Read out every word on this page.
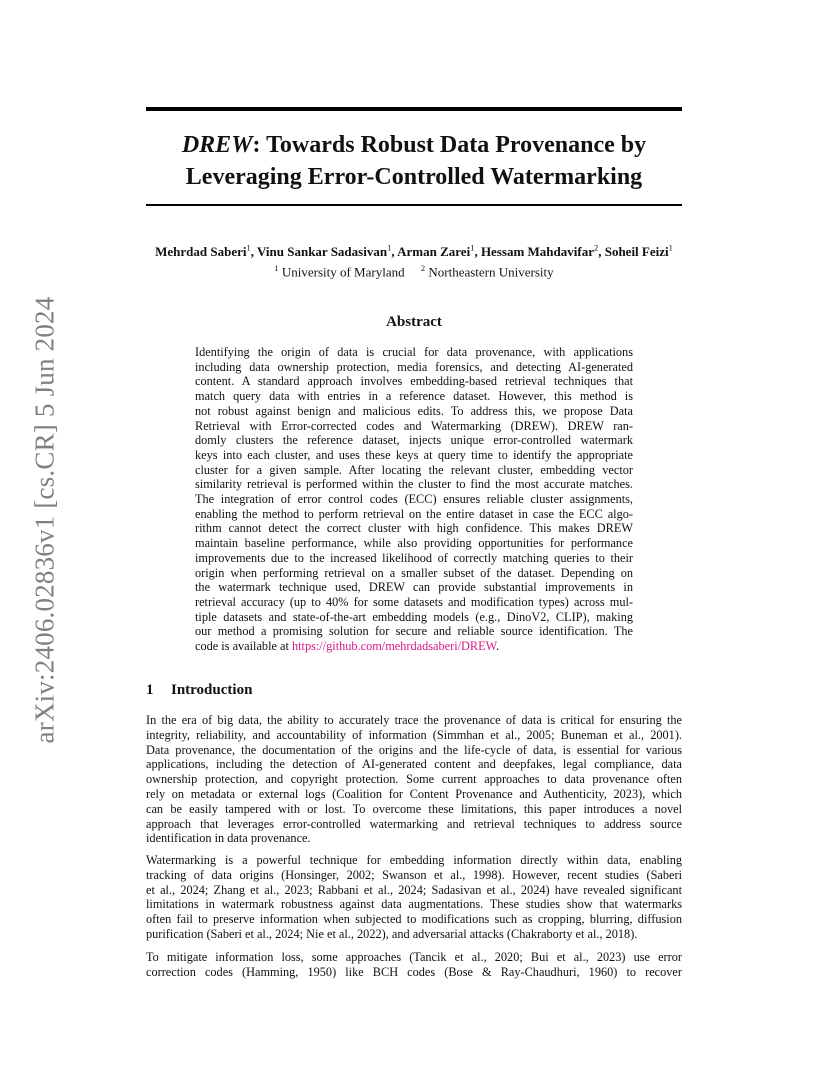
DREW: Towards Robust Data Provenance by
Leveraging Error-Controlled Watermarking
Mehrdad Saberi$^1$, Vinu Sankar Sadasivan$^1$, Arman Zarei$^1$, Hessam Mahdavifar$^2$, Soheil Feizi$^1$
$^1$ University of Maryland $^2$ Northeastern University
arXiv:2406.02836v1 [cs.CR] 5 Jun 2024	Abstract
Identifying the origin of data is crucial for data provenance, with applications
including data ownership protection, media forensics, and detecting AI-generated
content. A standard approach involves embedding-based retrieval techniques that
match query data with entries in a reference dataset. However, this method is
not robust against benign and malicious edits. To address this, we propose Data
Retrieval with Error-corrected codes and Watermarking (DREW). DREW ran-
domly clusters the reference dataset, injects unique error-controlled watermark
keys into each cluster, and uses these keys at query time to identify the appropriate
cluster for a given sample. After locating the relevant cluster, embedding vector
similarity retrieval is performed within the cluster to find the most accurate matches.
The integration of error control codes (ECC) ensures reliable cluster assignments,
enabling the method to perform retrieval on the entire dataset in case the ECC algo-
rithm cannot detect the correct cluster with high confidence. This makes DREW
maintain baseline performance, while also providing opportunities for performance
improvements due to the increased likelihood of correctly matching queries to their
origin when performing retrieval on a smaller subset of the dataset. Depending on
the watermark technique used, DREW can provide substantial improvements in
retrieval accuracy (up to 40% for some datasets and modification types) across mul-
tiple datasets and state-of-the-art embedding models (e.g., DinoV2, CLIP), making
our method a promising solution for secure and reliable source identification. The
code is available at https://github.com/mehrdadsaberi/DREW.
1 Introduction
In the era of big data, the ability to accurately trace the provenance of data is critical for ensuring the
integrity, reliability, and accountability of information (Simmhan et al., 2005; Buneman et al., 2001).
Data provenance, the documentation of the origins and the life-cycle of data, is essential for various
applications, including the detection of AI-generated content and deepfakes, legal compliance, data
ownership protection, and copyright protection. Some current approaches to data provenance often
rely on metadata or external logs (Coalition for Content Provenance and Authenticity, 2023), which
can be easily tampered with or lost. To overcome these limitations, this paper introduces a novel
approach that leverages error-controlled watermarking and retrieval techniques to address source
identification in data provenance.
Watermarking is a powerful technique for embedding information directly within data, enabling
tracking of data origins (Honsinger, 2002; Swanson et al., 1998). However, recent studies (Saberi
et al., 2024; Zhang et al., 2023; Rabbani et al., 2024; Sadasivan et al., 2024) have revealed significant
limitations in watermark robustness against data augmentations. These studies show that watermarks
often fail to preserve information when subjected to modifications such as cropping, blurring, diffusion
purification (Saberi et al., 2024; Nie et al., 2022), and adversarial attacks (Chakraborty et al., 2018).
To mitigate information loss, some approaches (Tancik et al., 2020; Bui et al., 2023) use error
correction codes (Hamming, 1950) like BCH codes (Bose & Ray-Chaudhuri, 1960) to recover
